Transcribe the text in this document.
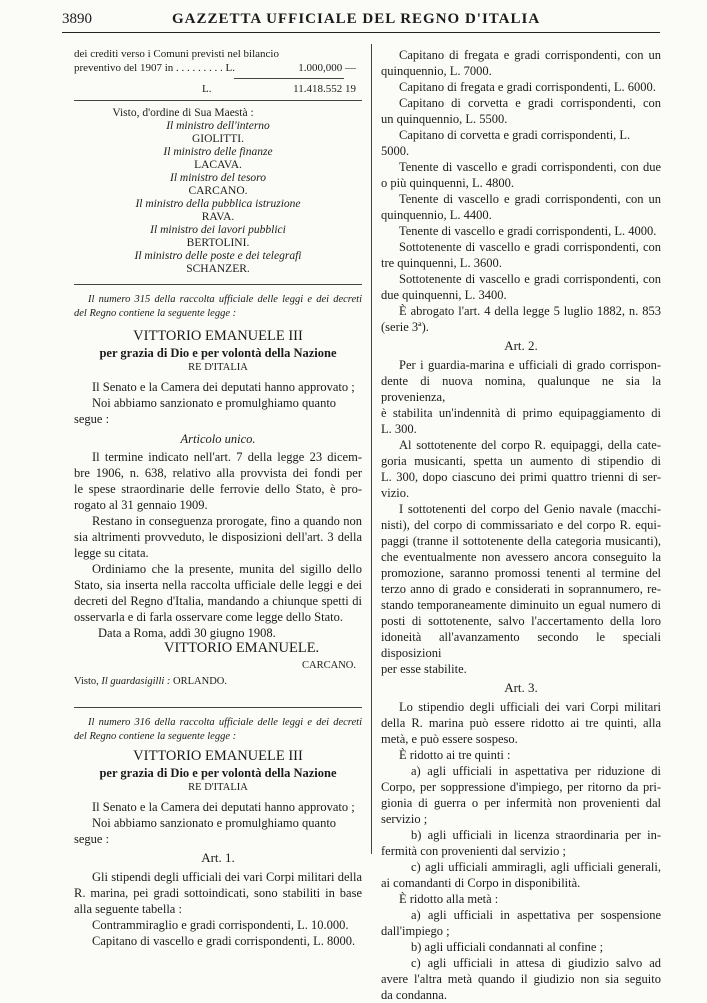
3890	GAZZETTA UFFICIALE DEL REGNO D'ITALIA

dei crediti verso i Comuni previsti nel bilancio

preventivo del 1907 in . . . . . . . . . L.	1.000,000 —
L.	11.418.552 19

Visto, d'ordine di Sua Maestà :

Il ministro dell'interno

GIOLITTI.

Il ministro delle finanze

LACAVA.

Il ministro del tesoro

CARCANO.

Il ministro della pubblica istruzione

RAVA.

Il ministro dei lavori pubblici

BERTOLINI.

Il ministro delle poste e dei telegrafi

SCHANZER.

Il numero 315 della raccolta ufficiale delle leggi e dei decreti

del Regno contiene la seguente legge :

VITTORIO EMANUELE III

per grazia di Dio e per volontà della Nazione

RE D'ITALIA

Il Senato e la Camera dei deputati hanno approvato ;

Noi abbiamo sanzionato e promulghiamo quanto segue :

Articolo unico.

Il termine indicato nell'art. 7 della legge 23 dicem-

bre 1906, n. 638, relativo alla provvista dei fondi per

le spese straordinarie delle ferrovie dello Stato, è pro-

rogato al 31 gennaio 1909.

Restano in conseguenza prorogate, fino a quando non

sia altrimenti provveduto, le disposizioni dell'art. 3 della

legge su citata.

Ordiniamo che la presente, munita del sigillo dello

Stato, sia inserta nella raccolta ufficiale delle leggi e dei

decreti del Regno d'Italia, mandando a chiunque spetti di

osservarla e di farla osservare come legge dello Stato.

Data a Roma, addì 30 giugno 1908.

VITTORIO EMANUELE.

CARCANO.

Visto, Il guardasigilli : ORLANDO.

Il numero 316 della raccolta ufficiale delle leggi e dei decreti

del Regno contiene la seguente legge :

VITTORIO EMANUELE III

per grazia di Dio e per volontà della Nazione

RE D'ITALIA

Il Senato e la Camera dei deputati hanno approvato ;

Noi abbiamo sanzionato e promulghiamo quanto segue :

Art. 1.

Gli stipendi degli ufficiali dei vari Corpi militari della

R. marina, pei gradi sottoindicati, sono stabiliti in base

alla seguente tabella :

Contrammiraglio e gradi corrispondenti, L. 10.000.

Capitano di vascello e gradi corrispondenti, L. 8000.

Capitano di fregata e gradi corrispondenti, con un

quinquennio, L. 7000.

Capitano di fregata e gradi corrispondenti, L. 6000.

Capitano di corvetta e gradi corrispondenti, con

un quinquennio, L. 5500.

Capitano di corvetta e gradi corrispondenti, L. 5000.

Tenente di vascello e gradi corrispondenti, con due

o più quinquenni, L. 4800.

Tenente di vascello e gradi corrispondenti, con un

quinquennio, L. 4400.

Tenente di vascello e gradi corrispondenti, L. 4000.

Sottotenente di vascello e gradi corrispondenti, con

tre quinquenni, L. 3600.

Sottotenente di vascello e gradi corrispondenti, con

due quinquenni, L. 3400.

È abrogato l'art. 4 della legge 5 luglio 1882, n. 853

(serie 3ª).

Art. 2.

Per i guardia-marina e ufficiali di grado corrispon-

dente di nuova nomina, qualunque ne sia la provenienza,

è stabilita un'indennità di primo equipaggiamento di

L. 300.

Al sottotenente del corpo R. equipaggi, della cate-

goria musicanti, spetta un aumento di stipendio di

L. 300, dopo ciascuno dei primi quattro trienni di ser-

vizio.

I sottotenenti del corpo del Genio navale (macchi-

nisti), del corpo di commissariato e del corpo R. equi-

paggi (tranne il sottotenente della categoria musicanti),

che eventualmente non avessero ancora conseguito la

promozione, saranno promossi tenenti al termine del

terzo anno di grado e considerati in soprannumero, re-

stando temporaneamente diminuito un egual numero di

posti di sottotenente, salvo l'accertamento della loro

idoneità all'avanzamento secondo le speciali disposizioni

per esse stabilite.

Art. 3.

Lo stipendio degli ufficiali dei vari Corpi militari

della R. marina può essere ridotto ai tre quinti, alla

metà, e può essere sospeso.

È ridotto ai tre quinti :

a) agli ufficiali in aspettativa per riduzione di

Corpo, per soppressione d'impiego, per ritorno da pri-

gionia di guerra o per infermità non provenienti dal

servizio ;

b) agli ufficiali in licenza straordinaria per in-

fermità con provenienti dal servizio ;

c) agli ufficiali ammiragli, agli ufficiali generali,

ai comandanti di Corpo in disponibilità.

È ridotto alla metà :

a) agli ufficiali in aspettativa per sospensione

dall'impiego ;

b) agli ufficiali condannati al confine ;

c) agli ufficiali in attesa di giudizio salvo ad

avere l'altra metà quando il giudizio non sia seguito

da condanna.
